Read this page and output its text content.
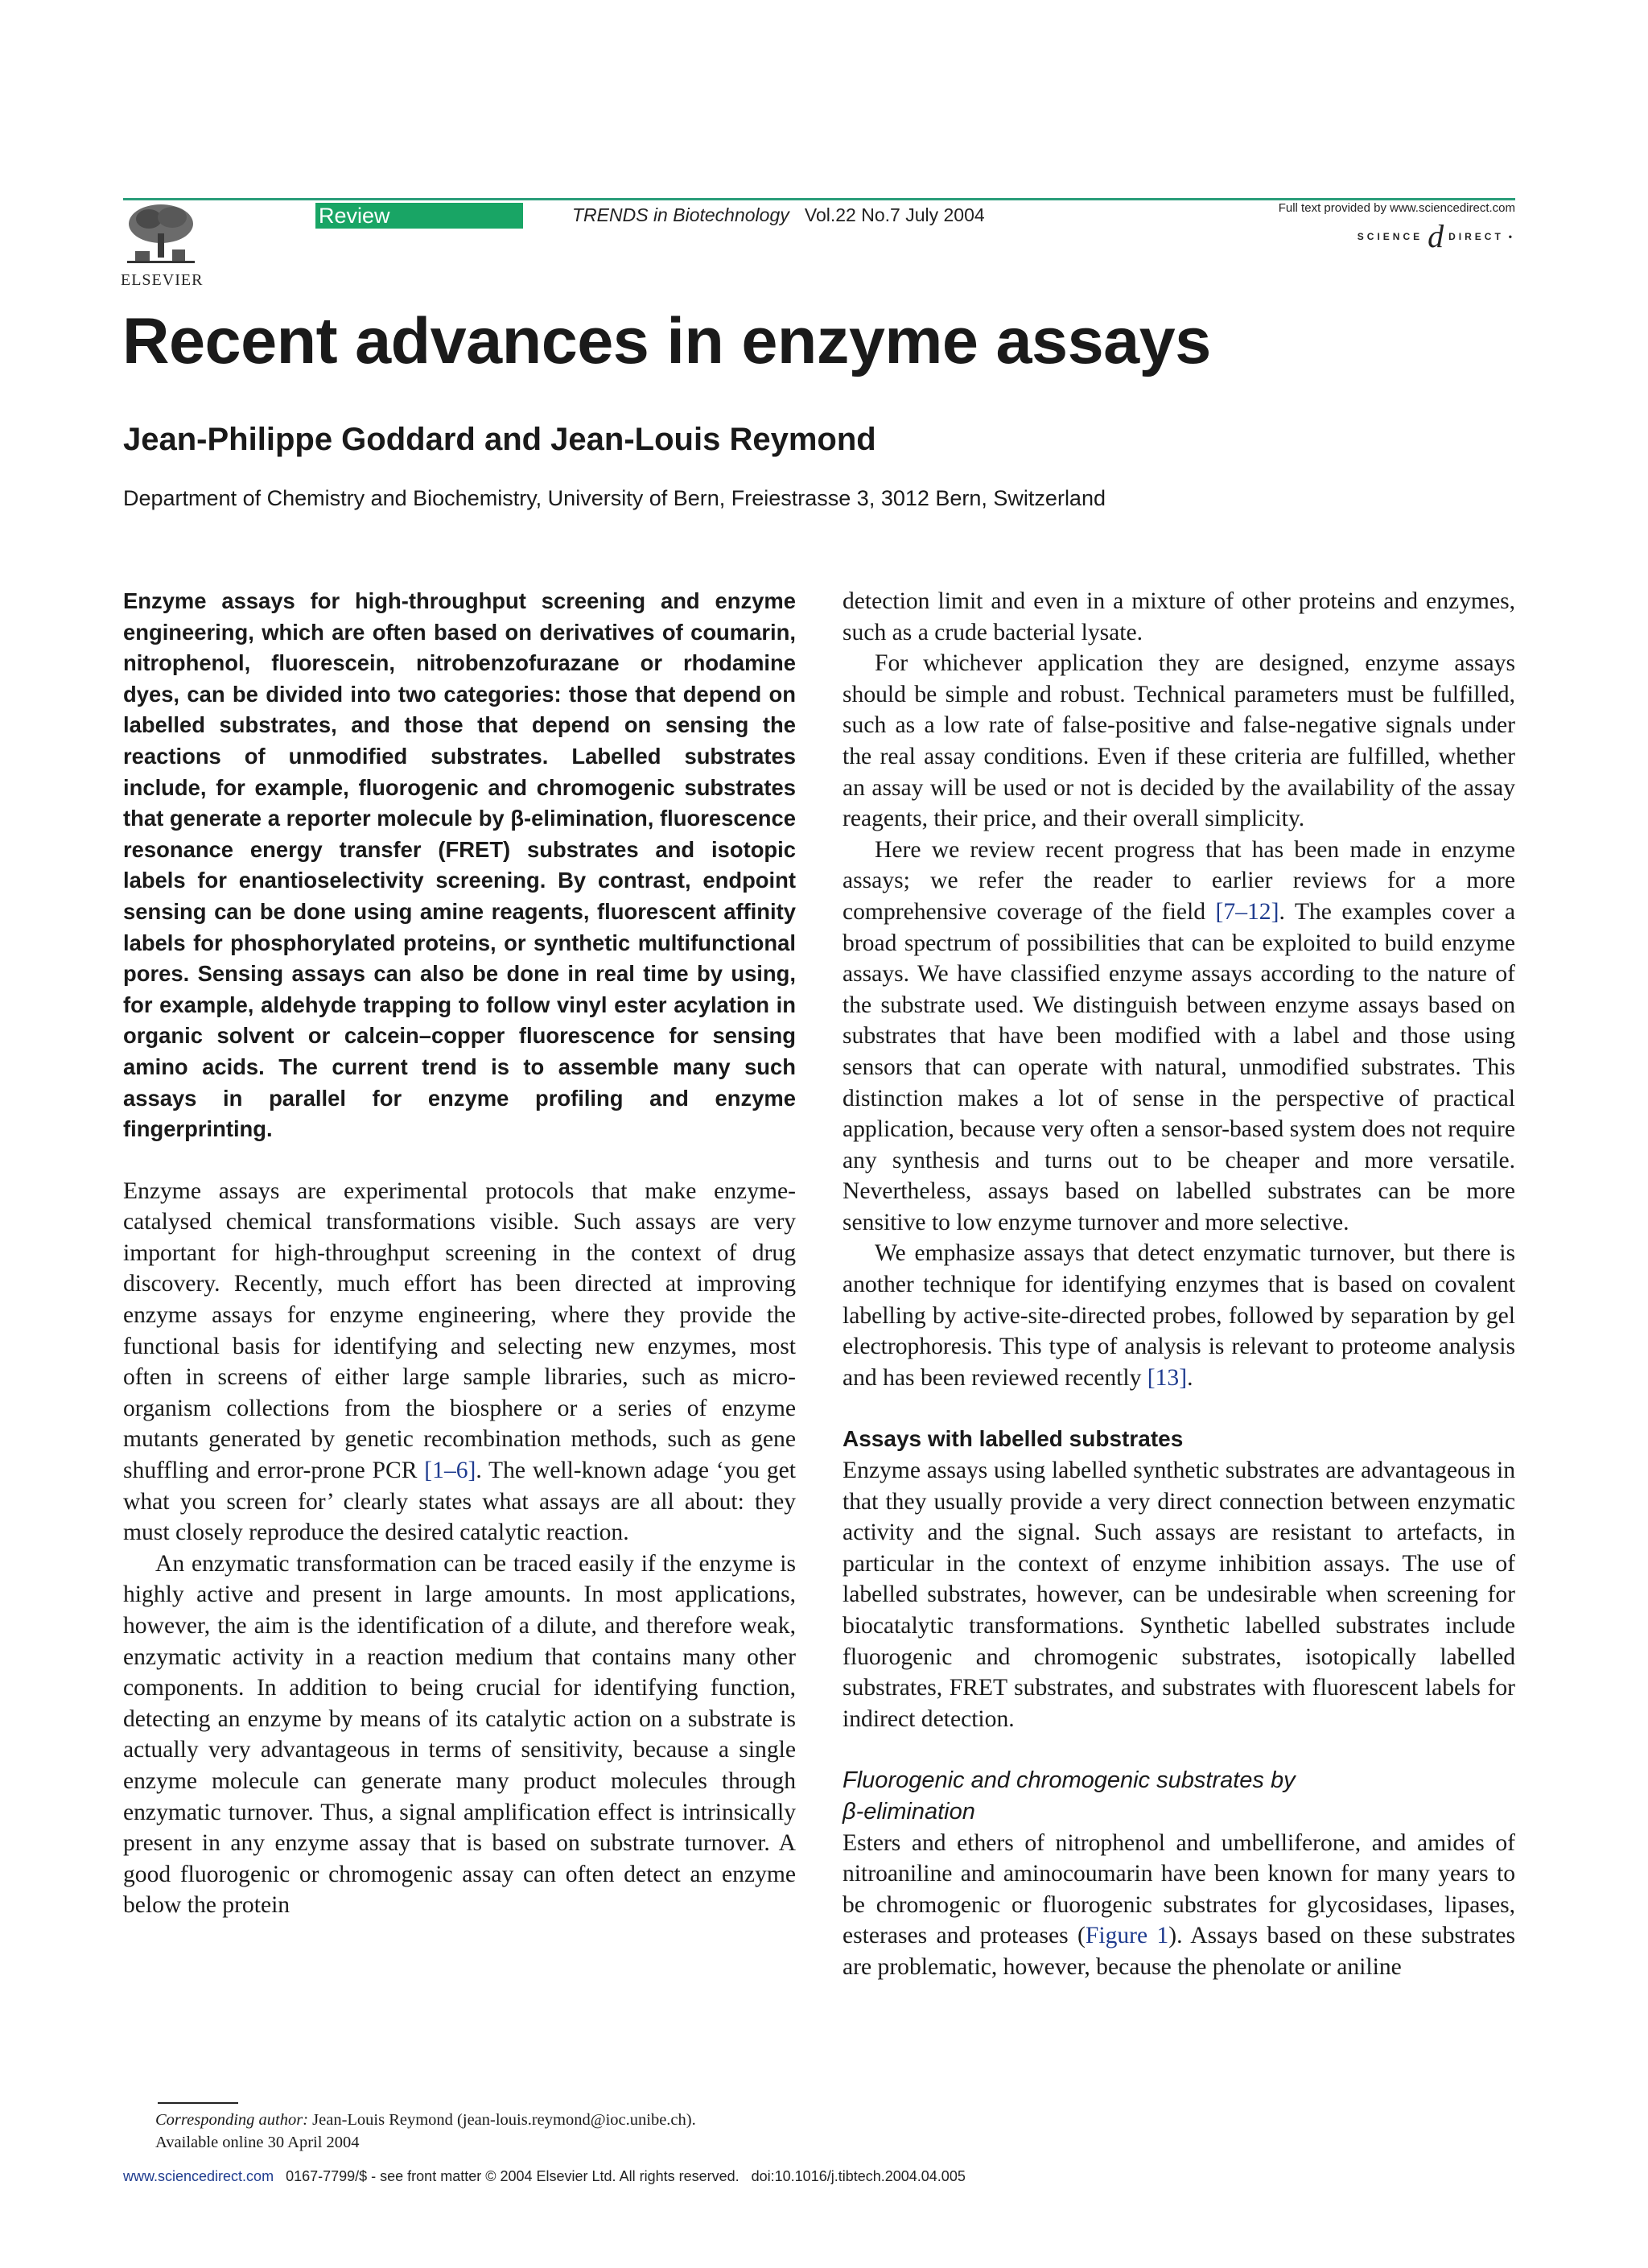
ELSEVIER
Review	TRENDS in Biotechnology Vol.22 No.7 July 2004	Full text provided by www.sciencedirect.com
SCIENCE d DIRECT •
Recent advances in enzyme assays
Jean-Philippe Goddard and Jean-Louis Reymond
Department of Chemistry and Biochemistry, University of Bern, Freiestrasse 3, 3012 Bern, Switzerland

Enzyme assays for high-throughput screening and enzyme engineering, which are often based on derivatives of coumarin, nitrophenol, fluorescein, nitrobenzofurazane or rhodamine dyes, can be divided into two categories: those that depend on labelled substrates, and those that depend on sensing the reactions of unmodified substrates. Labelled substrates include, for example, fluorogenic and chromogenic substrates that generate a reporter molecule by β-elimination, fluorescence resonance energy transfer (FRET) substrates and isotopic labels for enantioselectivity screening. By contrast, endpoint sensing can be done using amine reagents, fluorescent affinity labels for phosphorylated proteins, or synthetic multifunctional pores. Sensing assays can also be done in real time by using, for example, aldehyde trapping to follow vinyl ester acylation in organic solvent or calcein–copper fluorescence for sensing amino acids. The current trend is to assemble many such assays in parallel for enzyme profiling and enzyme fingerprinting.

Enzyme assays are experimental protocols that make enzyme-catalysed chemical transformations visible. Such assays are very important for high-throughput screening in the context of drug discovery. Recently, much effort has been directed at improving enzyme assays for enzyme engineering, where they provide the functional basis for identifying and selecting new enzymes, most often in screens of either large sample libraries, such as microorganism collections from the biosphere or a series of enzyme mutants generated by genetic recombination methods, such as gene shuffling and error-prone PCR [1–6]. The well-known adage ‘you get what you screen for’ clearly states what assays are all about: they must closely reproduce the desired catalytic reaction.

An enzymatic transformation can be traced easily if the enzyme is highly active and present in large amounts. In most applications, however, the aim is the identification of a dilute, and therefore weak, enzymatic activity in a reaction medium that contains many other components. In addition to being crucial for identifying function, detecting an enzyme by means of its catalytic action on a substrate is actually very advantageous in terms of sensitivity, because a single enzyme molecule can generate many product molecules through enzymatic turnover. Thus, a signal amplification effect is intrinsically present in any enzyme assay that is based on substrate turnover. A good fluorogenic or chromogenic assay can often detect an enzyme below the protein

detection limit and even in a mixture of other proteins and enzymes, such as a crude bacterial lysate.

For whichever application they are designed, enzyme assays should be simple and robust. Technical parameters must be fulfilled, such as a low rate of false-positive and false-negative signals under the real assay conditions. Even if these criteria are fulfilled, whether an assay will be used or not is decided by the availability of the assay reagents, their price, and their overall simplicity.

Here we review recent progress that has been made in enzyme assays; we refer the reader to earlier reviews for a more comprehensive coverage of the field [7–12]. The examples cover a broad spectrum of possibilities that can be exploited to build enzyme assays. We have classified enzyme assays according to the nature of the substrate used. We distinguish between enzyme assays based on substrates that have been modified with a label and those using sensors that can operate with natural, unmodified substrates. This distinction makes a lot of sense in the perspective of practical application, because very often a sensor-based system does not require any synthesis and turns out to be cheaper and more versatile. Nevertheless, assays based on labelled substrates can be more sensitive to low enzyme turnover and more selective.

We emphasize assays that detect enzymatic turnover, but there is another technique for identifying enzymes that is based on covalent labelling by active-site-directed probes, followed by separation by gel electrophoresis. This type of analysis is relevant to proteome analysis and has been reviewed recently [13].

Assays with labelled substrates

Enzyme assays using labelled synthetic substrates are advantageous in that they usually provide a very direct connection between enzymatic activity and the signal. Such assays are resistant to artefacts, in particular in the context of enzyme inhibition assays. The use of labelled substrates, however, can be undesirable when screening for biocatalytic transformations. Synthetic labelled substrates include fluorogenic and chromogenic substrates, isotopically labelled substrates, FRET substrates, and substrates with fluorescent labels for indirect detection.

Fluorogenic and chromogenic substrates by

β-elimination

Esters and ethers of nitrophenol and umbelliferone, and amides of nitroaniline and aminocoumarin have been known for many years to be chromogenic or fluorogenic substrates for glycosidases, lipases, esterases and proteases (Figure 1). Assays based on these substrates are problematic, however, because the phenolate or aniline

Corresponding author: Jean-Louis Reymond (jean-louis.reymond@ioc.unibe.ch).
Available online 30 April 2004
www.sciencedirect.com   0167-7799/$ - see front matter © 2004 Elsevier Ltd. All rights reserved.   doi:10.1016/j.tibtech.2004.04.005
